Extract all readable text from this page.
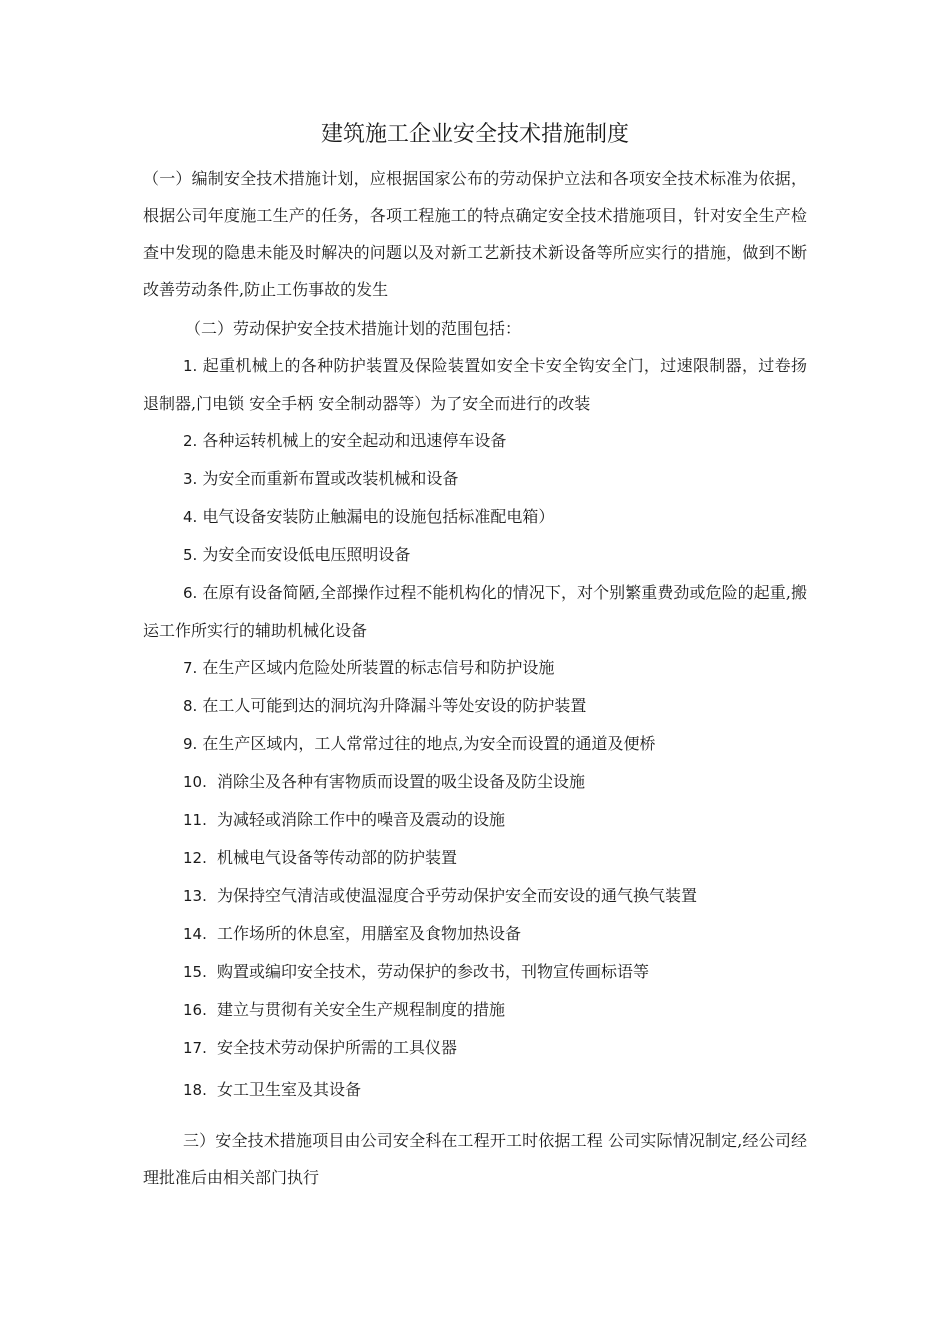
建筑施工企业安全技术措施制度
（一）编制安全技术措施计划，应根据国家公布的劳动保护立法和各项安全技术标准为依据，根据公司年度施工生产的任务，各项工程施工的特点确定安全技术措施项目，针对安全生产检查中发现的隐患未能及时解决的问题以及对新工艺新技术新设备等所应实行的措施，做到不断改善劳动条件,防止工伤事故的发生
（二）劳动保护安全技术措施计划的范围包括：
1. 起重机械上的各种防护装置及保险装置如安全卡安全钩安全门，过速限制器，过卷扬退制器,门电锁 安全手柄 安全制动器等）为了安全而进行的改装
2. 各种运转机械上的安全起动和迅速停车设备
3. 为安全而重新布置或改装机械和设备
4. 电气设备安装防止触漏电的设施包括标准配电箱）
5. 为安全而安设低电压照明设备
6. 在原有设备简陋,全部操作过程不能机构化的情况下，对个别繁重费劲或危险的起重,搬运工作所实行的辅助机械化设备
7. 在生产区域内危险处所装置的标志信号和防护设施
8. 在工人可能到达的洞坑沟升降漏斗等处安设的防护装置
9. 在生产区域内，工人常常过往的地点,为安全而设置的通道及便桥
10. 消除尘及各种有害物质而设置的吸尘设备及防尘设施
11. 为减轻或消除工作中的噪音及震动的设施
12. 机械电气设备等传动部的防护装置
13. 为保持空气清洁或使温湿度合乎劳动保护安全而安设的通气换气装置
14. 工作场所的休息室，用膳室及食物加热设备
15. 购置或编印安全技术，劳动保护的参改书，刊物宣传画标语等
16. 建立与贯彻有关安全生产规程制度的措施
17. 安全技术劳动保护所需的工具仪器
18. 女工卫生室及其设备
三）安全技术措施项目由公司安全科在工程开工时依据工程 公司实际情况制定,经公司经理批准后由相关部门执行
